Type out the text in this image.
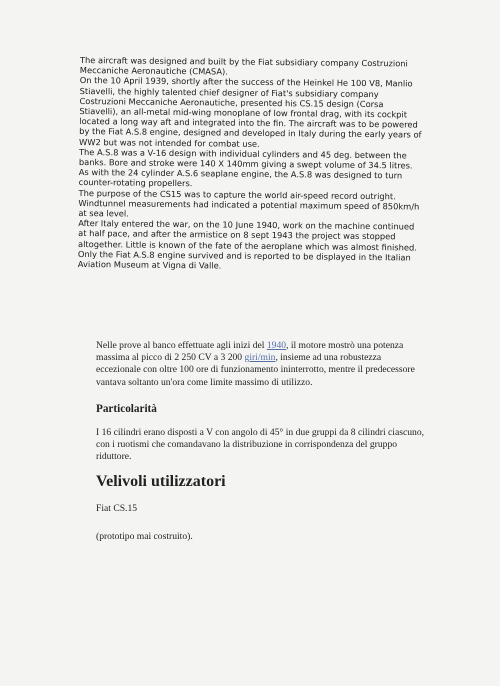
The aircraft was designed and built by the Fiat subsidiary company Costruzioni Meccaniche Aeronautiche (CMASA).

On the 10 April 1939, shortly after the success of the Heinkel He 100 V8, Manlio Stiavelli, the highly talented chief designer of Fiat's subsidiary company Costruzioni Meccaniche Aeronautiche, presented his CS.15 design (Corsa Stiavelli), an all-metal mid-wing monoplane of low frontal drag, with its cockpit located a long way aft and integrated into the fin. The aircraft was to be powered by the Fiat A.S.8 engine, designed and developed in Italy during the early years of WW2 but was not intended for combat use.

The A.S.8 was a V-16 design with individual cylinders and 45 deg. between the banks. Bore and stroke were 140 X 140mm giving a swept volume of 34.5 litres. As with the 24 cylinder A.S.6 seaplane engine, the A.S.8 was designed to turn counter-rotating propellers.

The purpose of the CS15 was to capture the world air-speed record outright. Windtunnel measurements had indicated a potential maximum speed of 850km/h at sea level.

After Italy entered the war, on the 10 June 1940, work on the machine continued at half pace, and after the armistice on 8 sept 1943 the project was stopped altogether. Little is known of the fate of the aeroplane which was almost finished.

Only the Fiat A.S.8 engine survived and is reported to be displayed in the Italian Aviation Museum at Vigna di Valle.

Nelle prove al banco effettuate agli inizi del 1940, il motore mostrò una potenza massima al picco di 2 250 CV a 3 200 giri/min, insieme ad una robustezza eccezionale con oltre 100 ore di funzionamento ininterrotto, mentre il predecessore vantava soltanto un'ora come limite massimo di utilizzo.

Particolarità

I 16 cilindri erano disposti a V con angolo di 45° in due gruppi da 8 cilindri ciascuno, con i ruotismi che comandavano la distribuzione in corrispondenza del gruppo riduttore.

Velivoli utilizzatori

Fiat CS.15

(prototipo mai costruito).
